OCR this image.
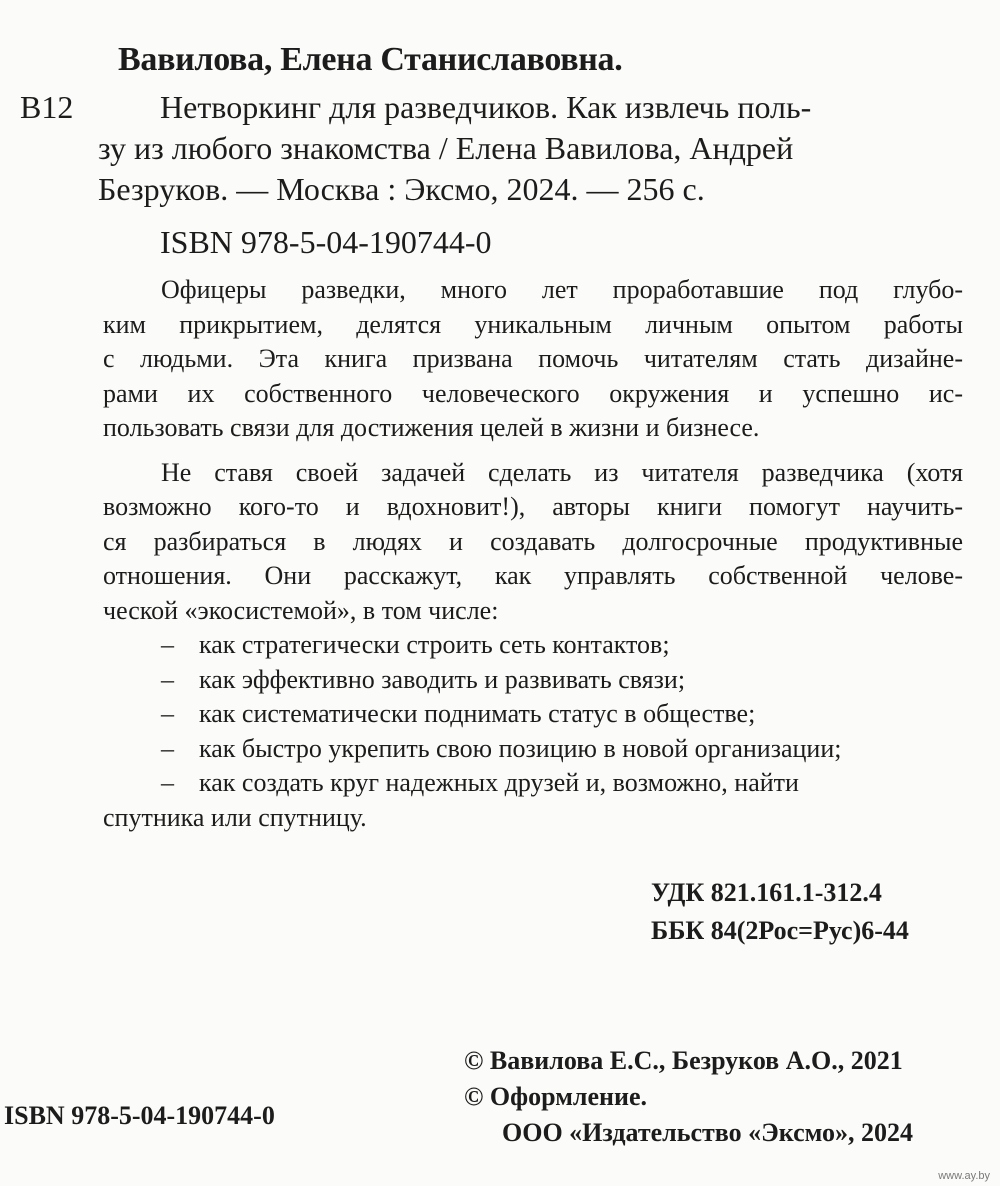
Вавилова, Елена Станиславовна.
В12	Нетворкинг для разведчиков. Как извлечь поль-
зу из любого знакомства / Елена Вавилова, Андрей
Безруков. — Москва : Эксмо, 2024. — 256 с.
ISBN 978-5-04-190744-0
Офицеры разведки, много лет проработавшие под глубо-
ким прикрытием, делятся уникальным личным опытом работы
с людьми. Эта книга призвана помочь читателям стать дизайне-
рами их собственного человеческого окружения и успешно ис-
пользовать связи для достижения целей в жизни и бизнесе.
Не ставя своей задачей сделать из читателя разведчика (хотя
возможно кого-то и вдохновит!), авторы книги помогут научить-
ся разбираться в людях и создавать долгосрочные продуктивные
отношения. Они расскажут, как управлять собственной челове-
ческой «экосистемой», в том числе:
– как стратегически строить сеть контактов;
– как эффективно заводить и развивать связи;
– как систематически поднимать статус в обществе;
– как быстро укрепить свою позицию в новой организации;
– как создать круг надежных друзей и, возможно, найти
спутника или спутницу.
УДК 821.161.1-312.4
ББК 84(2Рос=Рус)6-44
© Вавилова Е.С., Безруков А.О., 2021
© Оформление.
ООО «Издательство «Эксмо», 2024
ISBN 978-5-04-190744-0
www.ay.by
